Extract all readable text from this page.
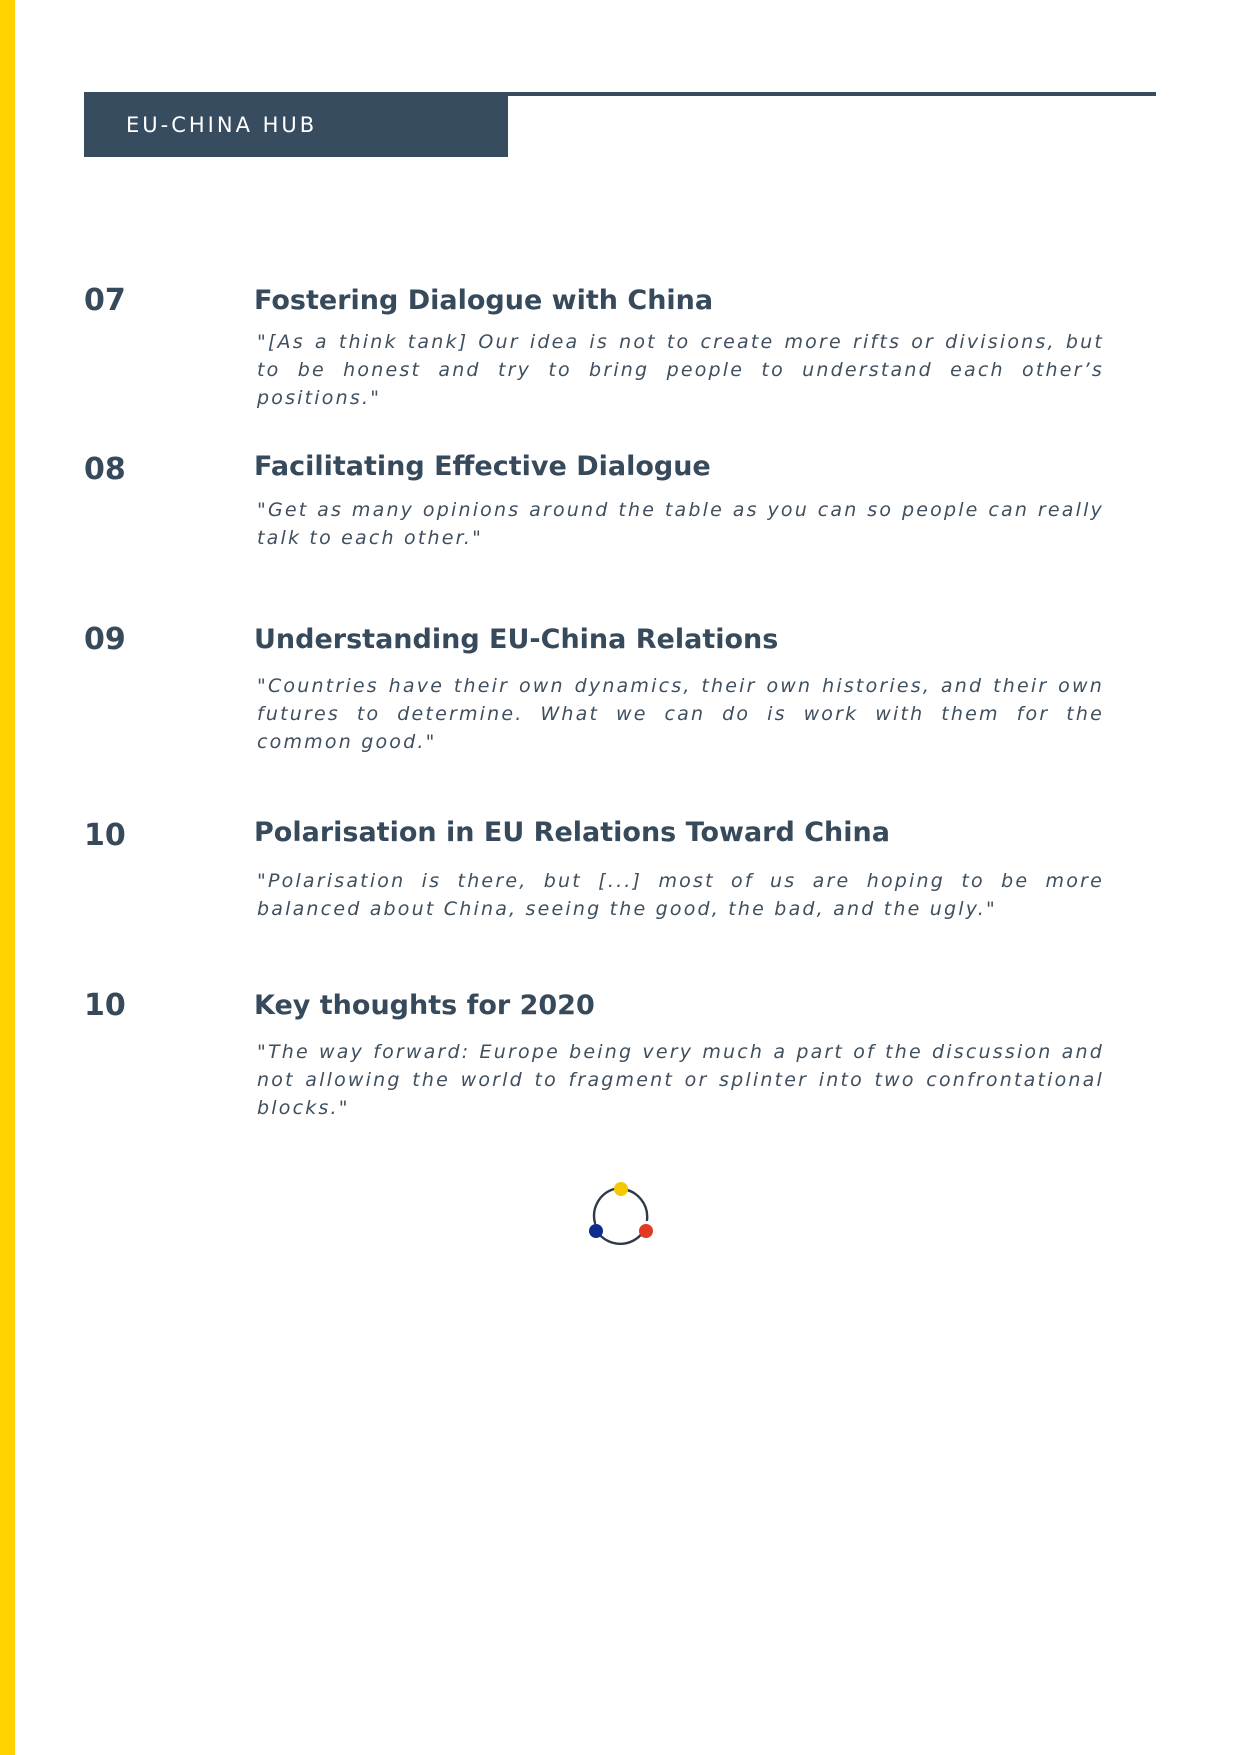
EU-CHINA HUB
07	Fostering Dialogue with China
"[As a think tank] Our idea is not to create more rifts or divisions, but to be honest and try to bring people to understand each other’s positions."
08	Facilitating Effective Dialogue
"Get as many opinions around the table as you can so people can really talk to each other."
09	Understanding EU-China Relations
"Countries have their own dynamics, their own histories, and their own futures to determine. What we can do is work with them for the common good."
10	Polarisation in EU Relations Toward China
"Polarisation is there, but [...] most of us are hoping to be more balanced about China, seeing the good, the bad, and the ugly."
10	Key thoughts for 2020
"The way forward: Europe being very much a part of the discussion and not allowing the world to fragment or splinter into two confrontational blocks."
